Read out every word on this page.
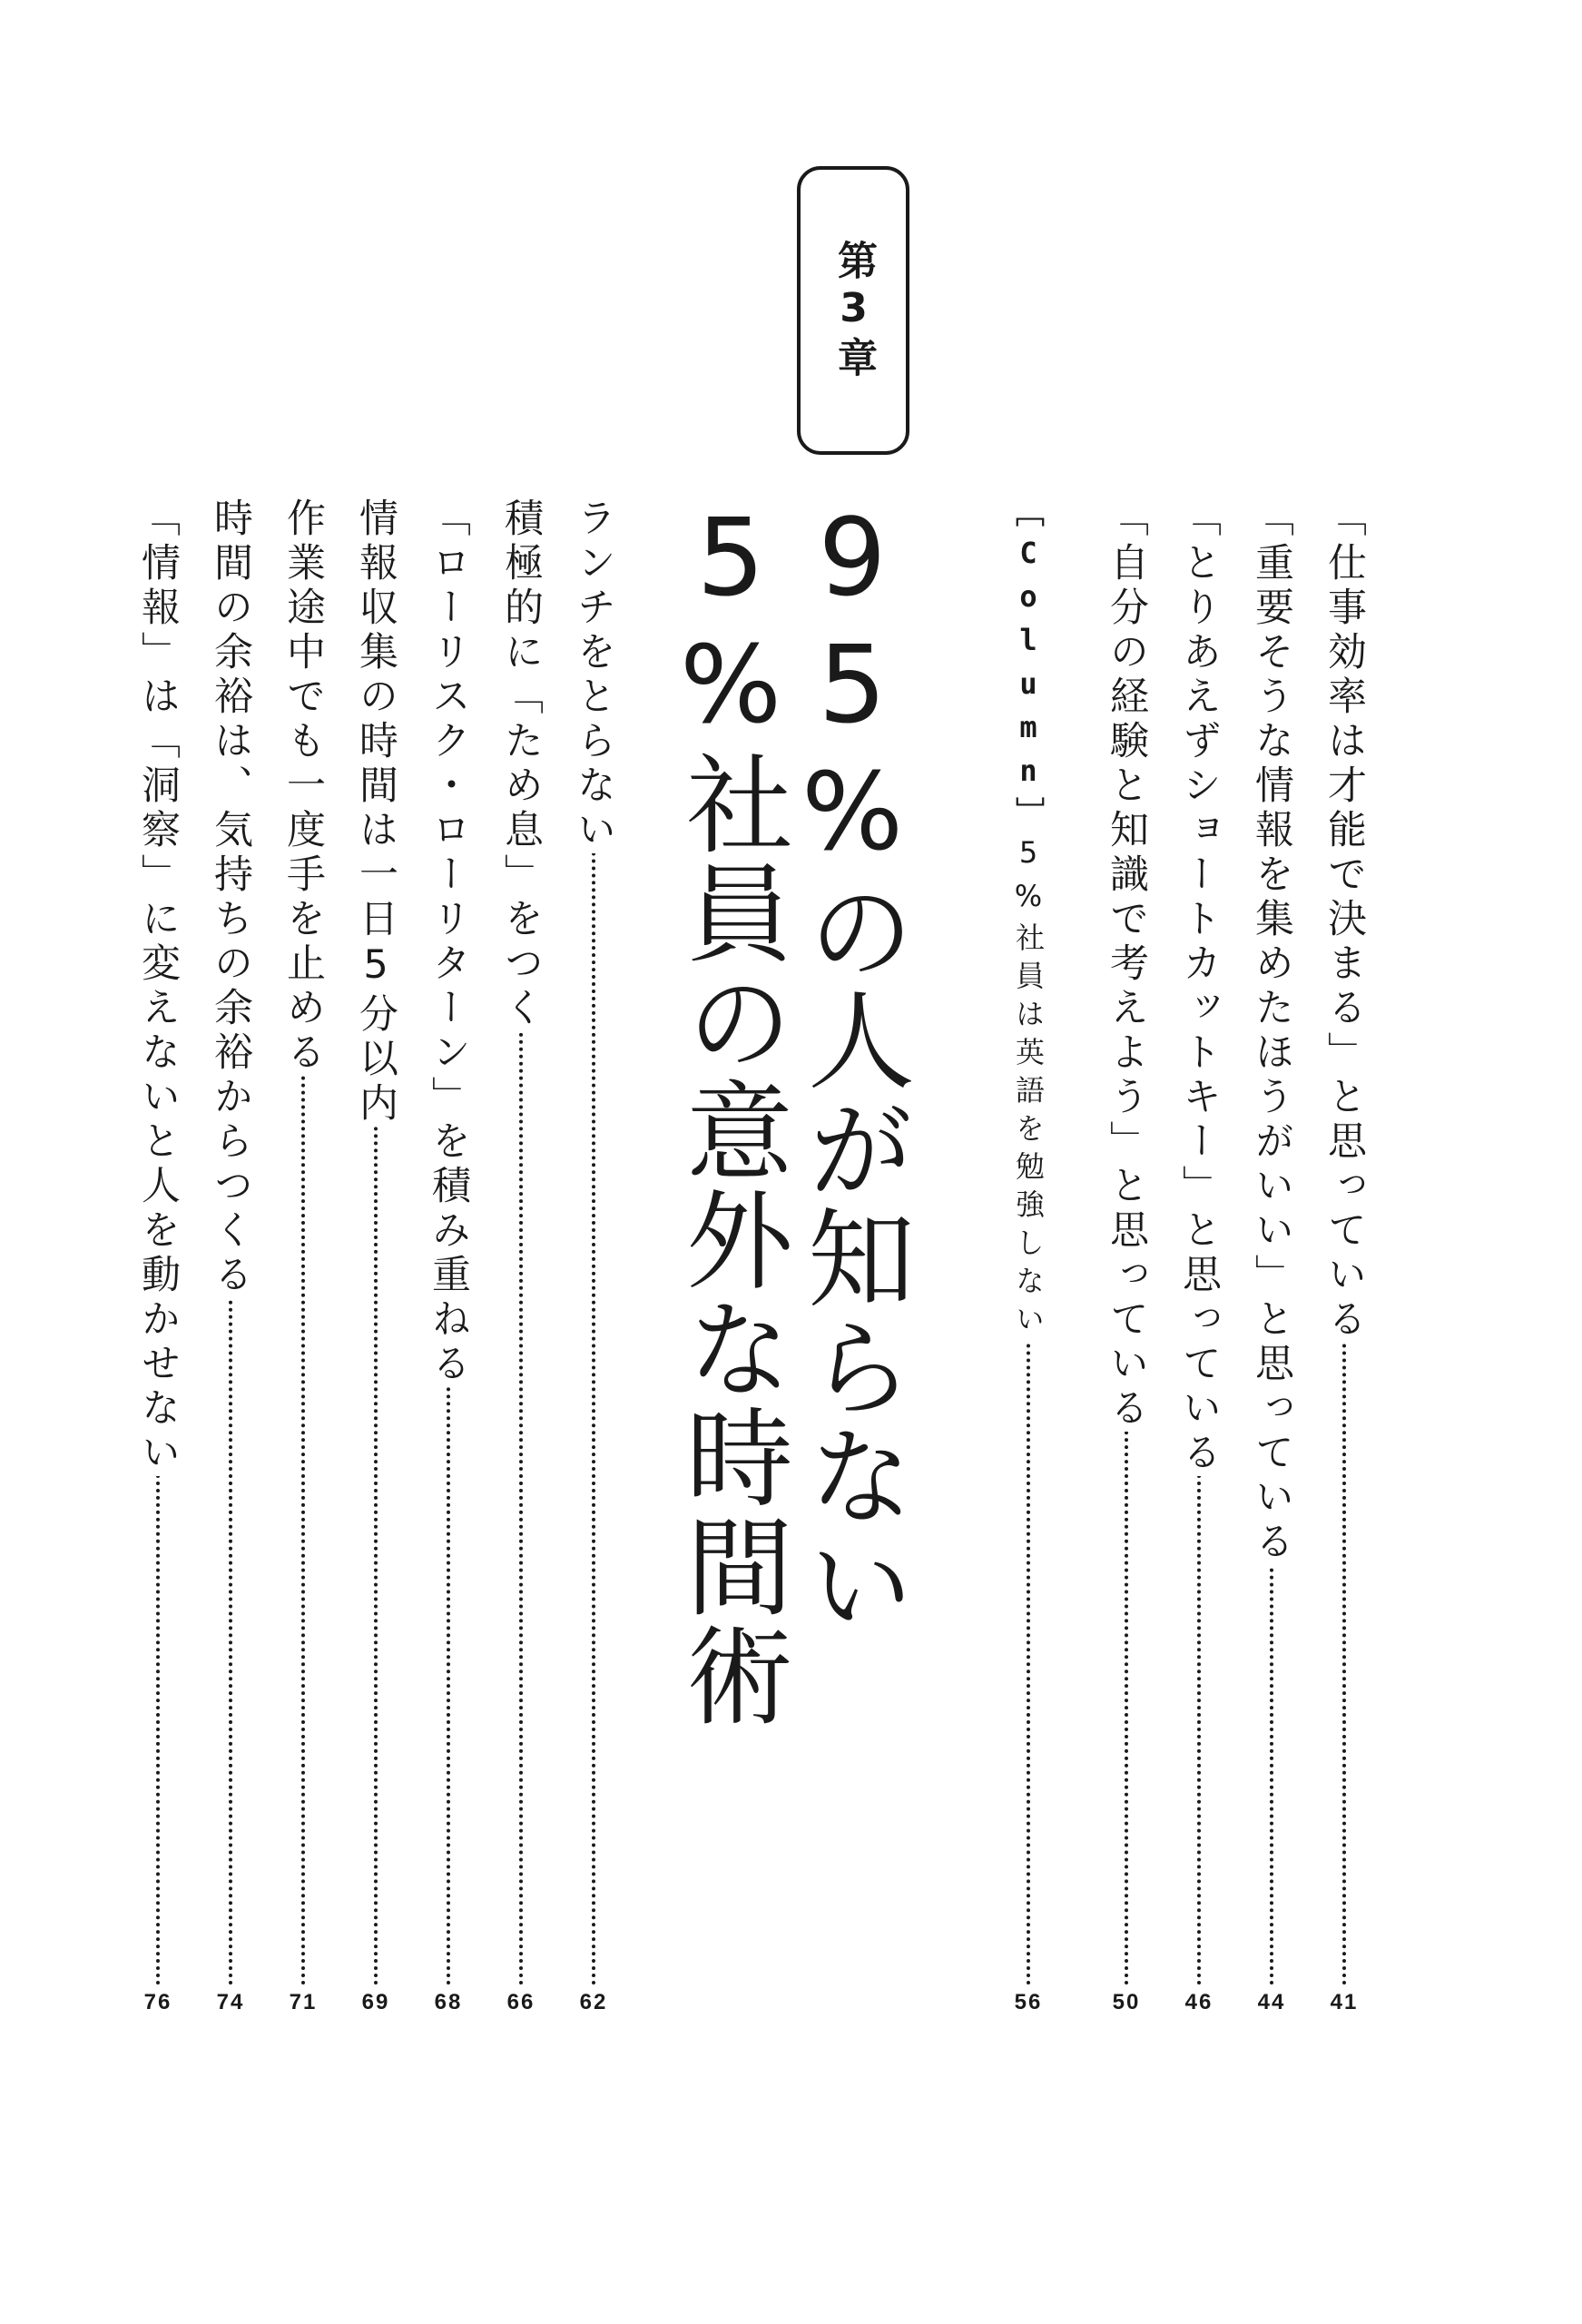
第3章
95%の人が知らない
5%社員の意外な時間術	「仕事効率は才能で決まる」と思っている
41
「重要そうな情報を集めたほうがいい」と思っている
44
「とりあえずショートカットキー」と思っている
46
「自分の経験と知識で考えよう」と思っている
50
［Column］5%社員は英語を勉強しない
56
ランチをとらない
62
積極的に「ため息」をつく
66
「ローリスク・ローリターン」を積み重ねる
68
情報収集の時間は一日5分以内
69
作業途中でも一度手を止める
71
時間の余裕は、気持ちの余裕からつくる
74
「情報」は「洞察」に変えないと人を動かせない
76
